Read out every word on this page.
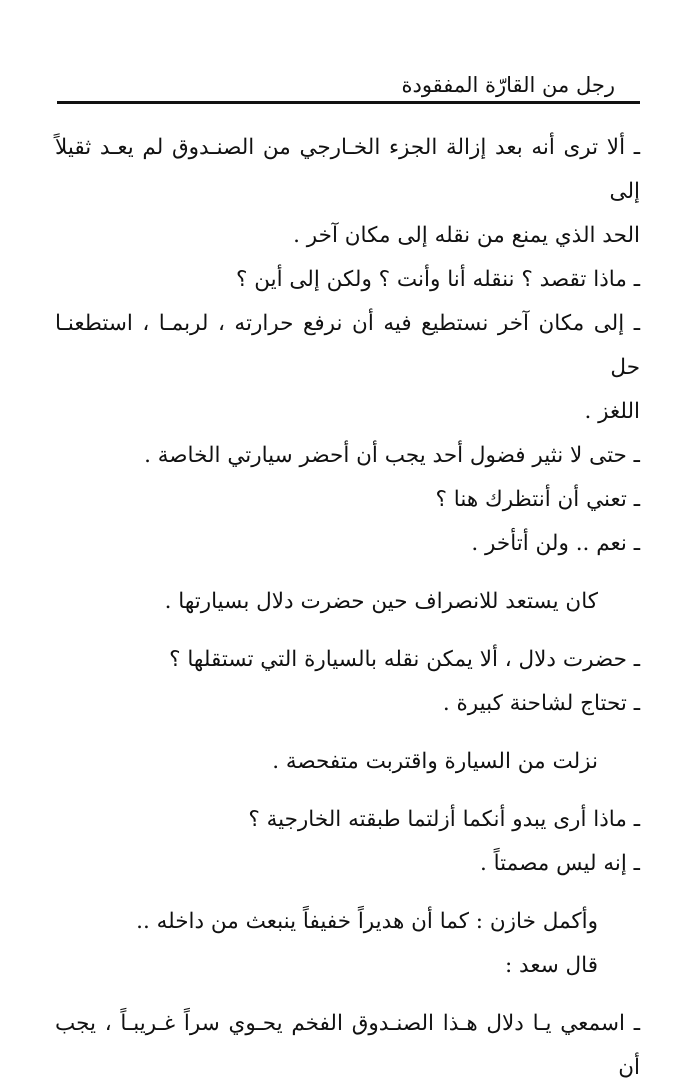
رجل من القارّة المفقودة
ـ ألا ترى أنه بعد إزالة الجزء الخـارجي من الصنـدوق لم يعـد ثقيلاً إلى
الحد الذي يمنع من نقله إلى مكان آخر .
ـ ماذا تقصد ؟ ننقله أنا وأنت ؟ ولكن إلى أين ؟
ـ إلى مكان آخر نستطيع فيه أن نرفع حرارته ، لربمـا ، استطعنـا حل
اللغز .
ـ حتى لا نثير فضول أحد يجب أن أحضر سيارتي الخاصة .
ـ تعني أن أنتظرك هنا ؟
ـ نعم .. ولن أتأخر .
كان يستعد للانصراف حين حضرت دلال بسيارتها .
ـ حضرت دلال ، ألا يمكن نقله بالسيارة التي تستقلها ؟
ـ تحتاج لشاحنة كبيرة .
نزلت من السيارة واقتربت متفحصة .
ـ ماذا أرى يبدو أنكما أزلتما طبقته الخارجية ؟
ـ إنه ليس مصمتاً .
وأكمل خازن : كما أن هديراً خفيفاً ينبعث من داخله ..
قال سعد :
ـ اسمعي يـا دلال هـذا الصنـدوق الفخم يحـوي سراً غـريبـاً ، يجب أن
